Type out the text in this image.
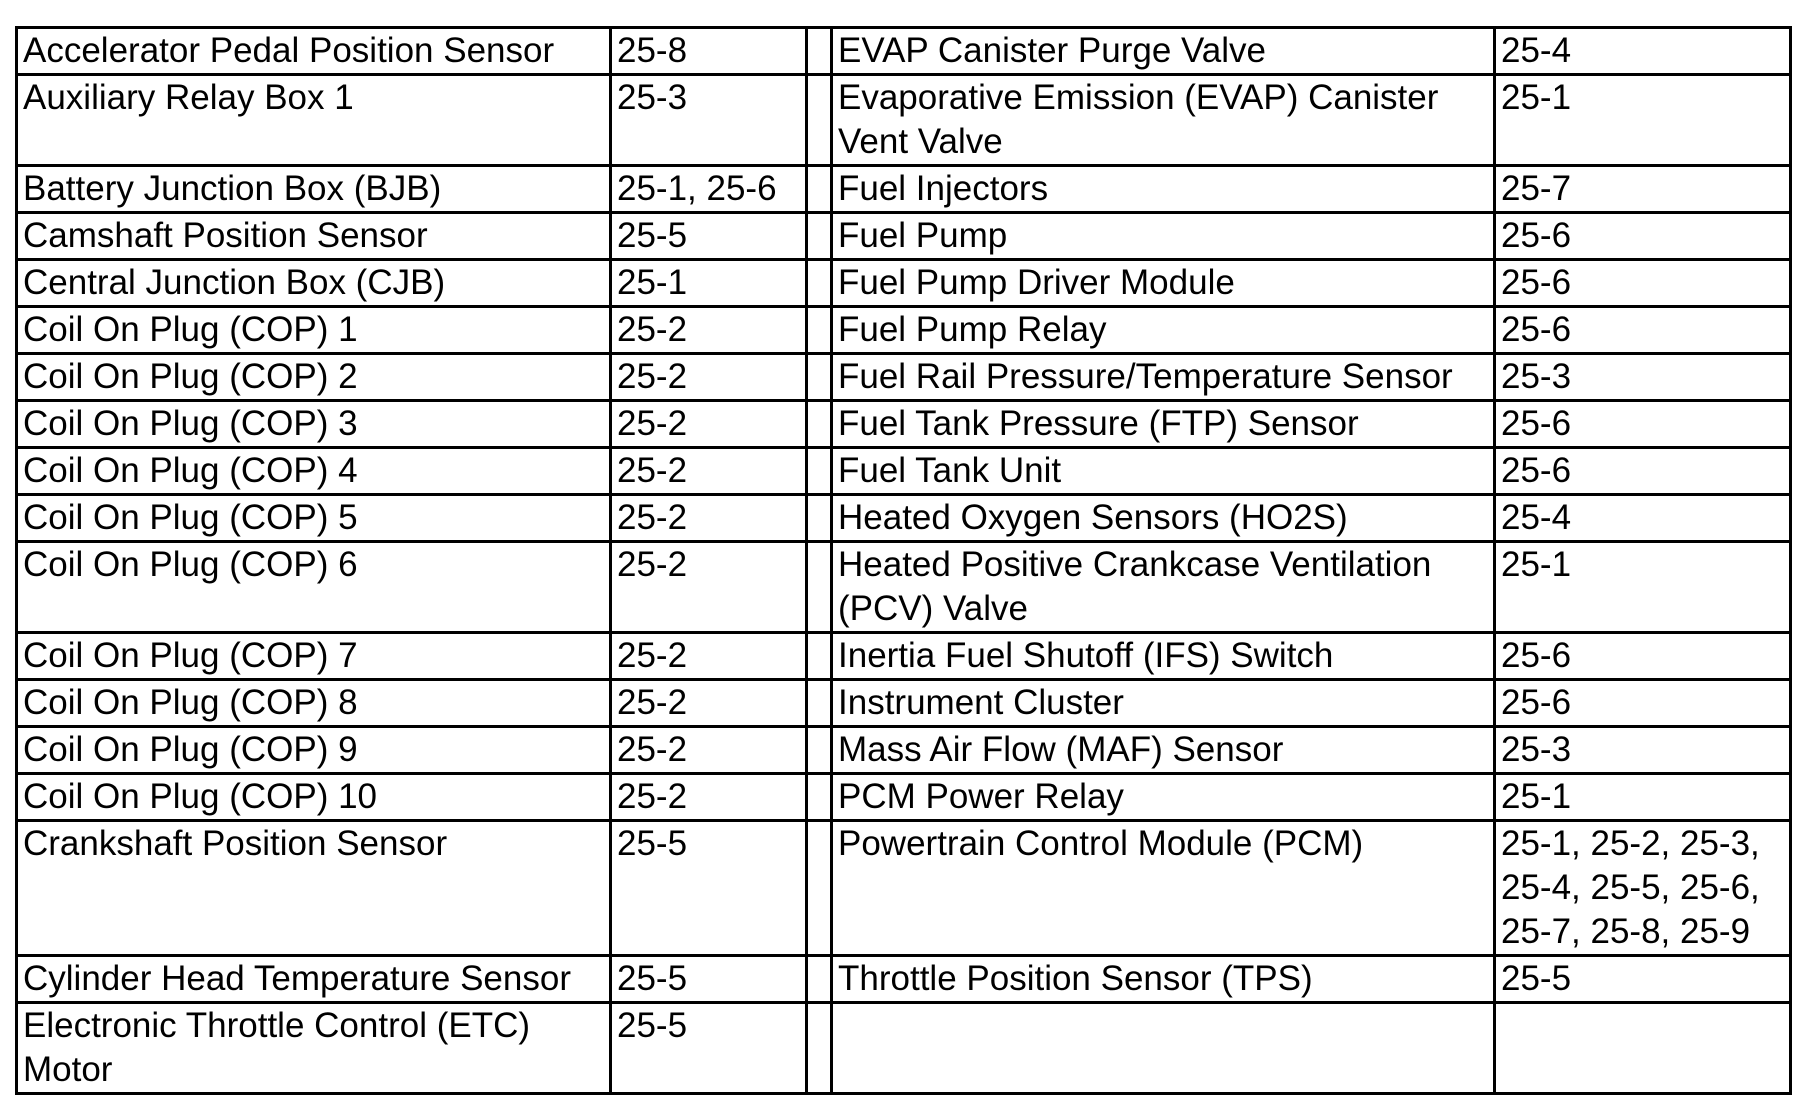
Accelerator Pedal Position Sensor	25-8		EVAP Canister Purge Valve	25-4
Auxiliary Relay Box 1	25-3		Evaporative Emission (EVAP) Canister Vent Valve	25-1
Battery Junction Box (BJB)	25-1, 25-6		Fuel Injectors	25-7
Camshaft Position Sensor	25-5		Fuel Pump	25-6
Central Junction Box (CJB)	25-1		Fuel Pump Driver Module	25-6
Coil On Plug (COP) 1	25-2		Fuel Pump Relay	25-6
Coil On Plug (COP) 2	25-2		Fuel Rail Pressure/Temperature Sensor	25-3
Coil On Plug (COP) 3	25-2		Fuel Tank Pressure (FTP) Sensor	25-6
Coil On Plug (COP) 4	25-2		Fuel Tank Unit	25-6
Coil On Plug (COP) 5	25-2		Heated Oxygen Sensors (HO2S)	25-4
Coil On Plug (COP) 6	25-2		Heated Positive Crankcase Ventilation (PCV) Valve	25-1
Coil On Plug (COP) 7	25-2		Inertia Fuel Shutoff (IFS) Switch	25-6
Coil On Plug (COP) 8	25-2		Instrument Cluster	25-6
Coil On Plug (COP) 9	25-2		Mass Air Flow (MAF) Sensor	25-3
Coil On Plug (COP) 10	25-2		PCM Power Relay	25-1
Crankshaft Position Sensor	25-5		Powertrain Control Module (PCM)	25-1, 25-2, 25-3, 25-4, 25-5, 25-6, 25-7, 25-8, 25-9
Cylinder Head Temperature Sensor	25-5		Throttle Position Sensor (TPS)	25-5
Electronic Throttle Control (ETC) Motor	25-5			
